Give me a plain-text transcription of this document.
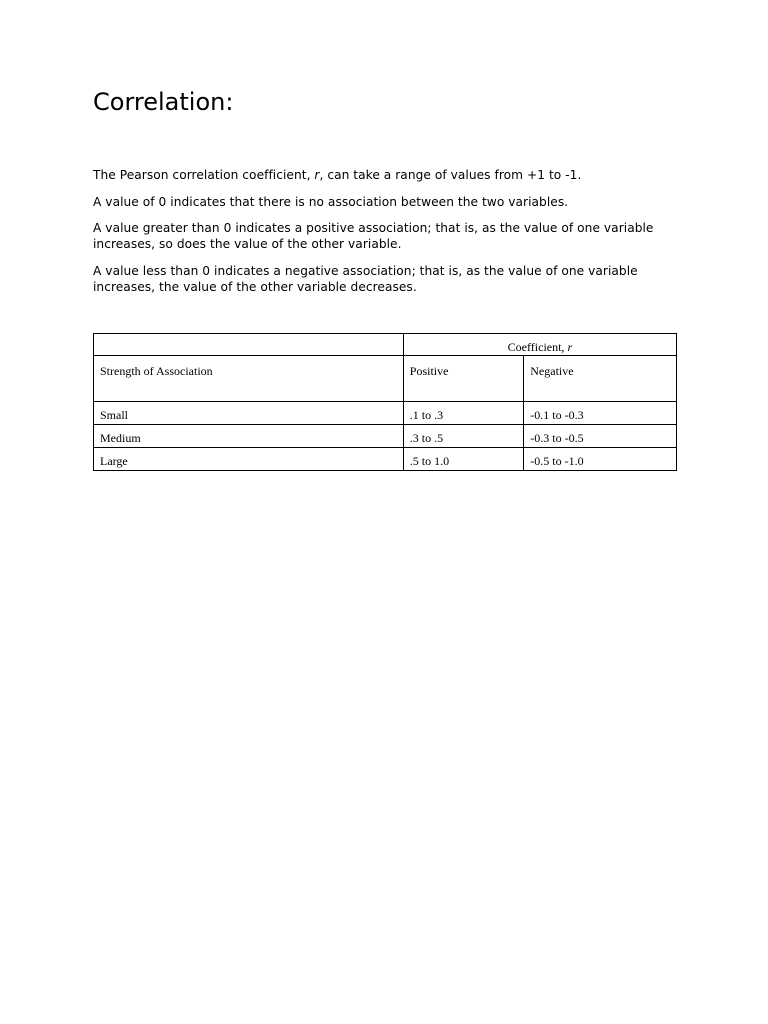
Correlation:

The Pearson correlation coefficient, r, can take a range of values from +1 to -1.

A value of 0 indicates that there is no association between the two variables.

A value greater than 0 indicates a positive association; that is, as the value of one variable increases, so does the value of the other variable.

A value less than 0 indicates a negative association; that is, as the value of one variable increases, the value of the other variable decreases.

	Coefficient, r	
Strength of Association	Positive	Negative
Small	.1 to .3	-0.1 to -0.3
Medium	.3 to .5	-0.3 to -0.5
Large	.5 to 1.0	-0.5 to -1.0
